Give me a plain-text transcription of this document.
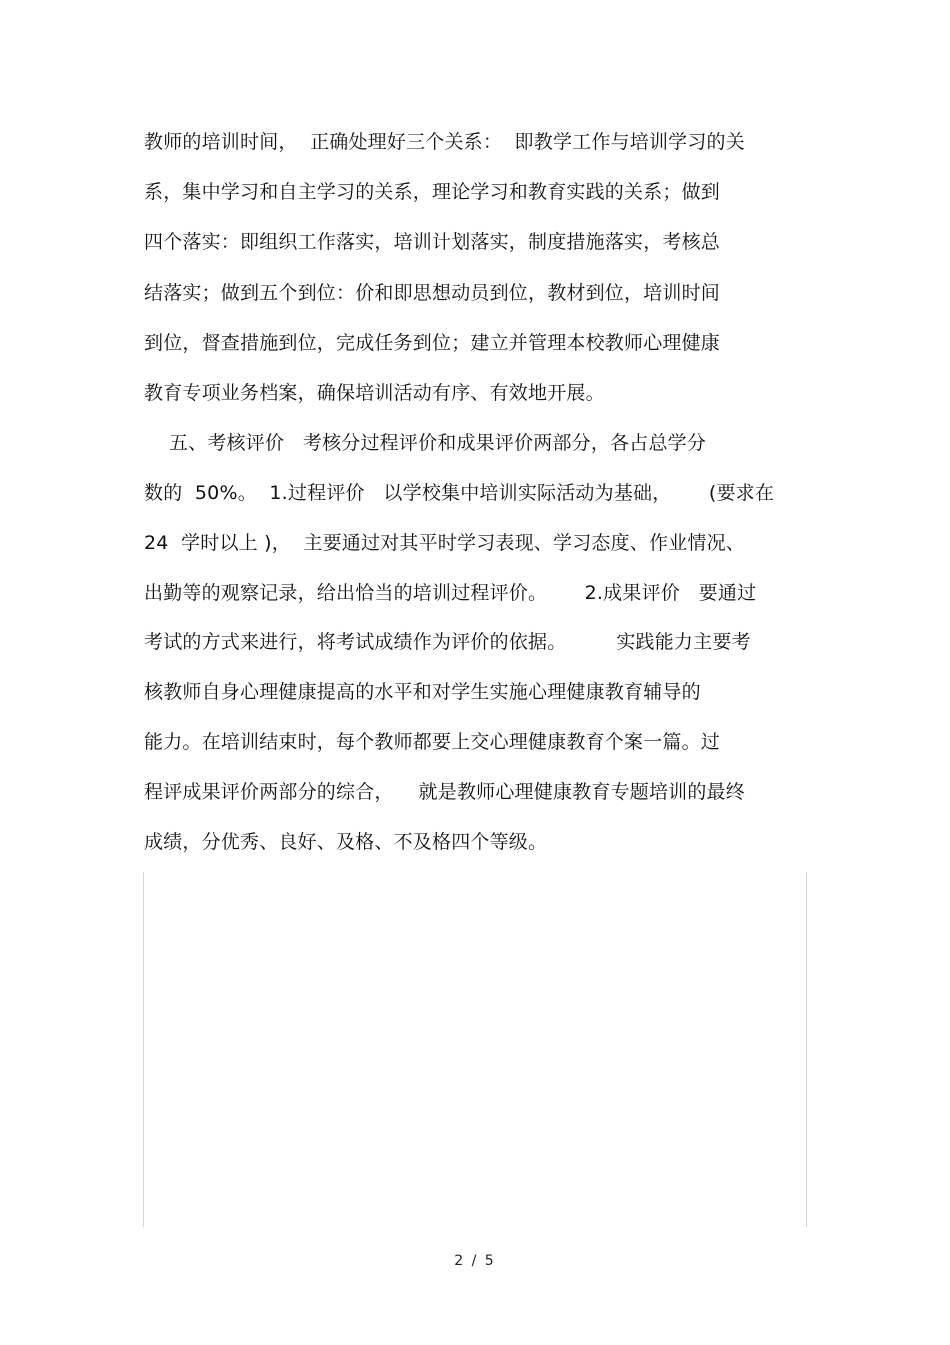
教师的培训时间，  正确处理好三个关系：  即教学工作与培训学习的关
系，集中学习和自主学习的关系，理论学习和教育实践的关系；做到
四个落实：即组织工作落实，培训计划落实，制度措施落实，考核总
结落实；做到五个到位：价和即思想动员到位，教材到位，培训时间
到位，督查措施到位，完成任务到位；建立并管理本校教师心理健康
教育专项业务档案，确保培训活动有序、有效地开展。
五、考核评价   考核分过程评价和成果评价两部分，各占总学分
数的  50%。  1.过程评价   以学校集中培训实际活动为基础，      (要求在
24  学时以上 )，  主要通过对其平时学习表现、学习态度、作业情况、
出勤等的观察记录，给出恰当的培训过程评价。      2.成果评价   要通过
考试的方式来进行，将考试成绩作为评价的依据。        实践能力主要考
核教师自身心理健康提高的水平和对学生实施心理健康教育辅导的
能力。在培训结束时，每个教师都要上交心理健康教育个案一篇。过
程评成果评价两部分的综合，    就是教师心理健康教育专题培训的最终
成绩，分优秀、良好、及格、不及格四个等级。
2 / 5
